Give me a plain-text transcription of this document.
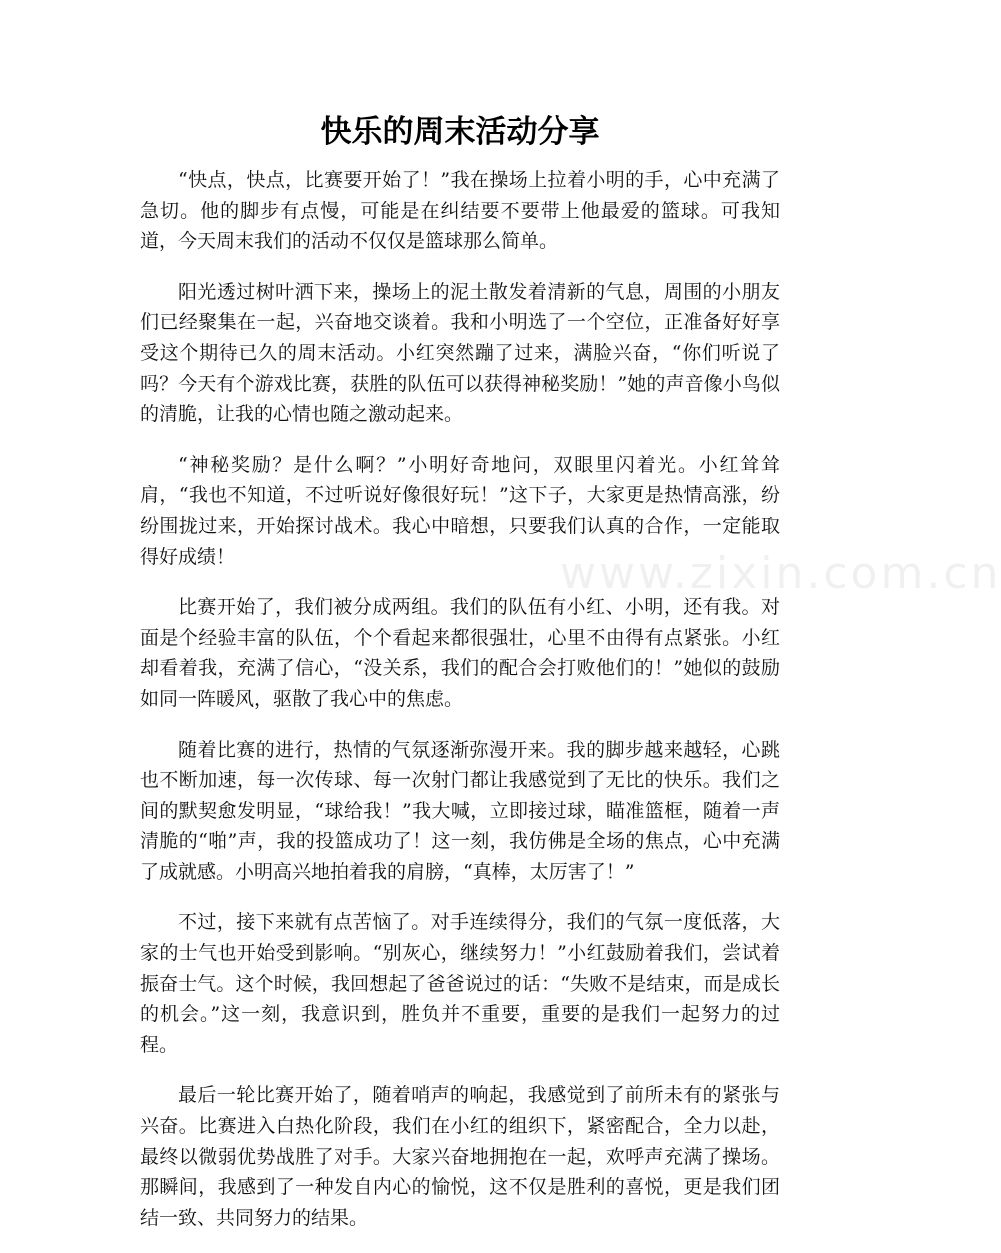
快乐的周末活动分享

“快点，快点，比赛要开始了！”我在操场上拉着小明的手，心中充满了急切。他的脚步有点慢，可能是在纠结要不要带上他最爱的篮球。可我知道，今天周末我们的活动不仅仅是篮球那么简单。

阳光透过树叶洒下来，操场上的泥土散发着清新的气息，周围的小朋友们已经聚集在一起，兴奋地交谈着。我和小明选了一个空位，正准备好好享受这个期待已久的周末活动。小红突然蹦了过来，满脸兴奋，“你们听说了吗？今天有个游戏比赛，获胜的队伍可以获得神秘奖励！”她的声音像小鸟似的清脆，让我的心情也随之激动起来。

“神秘奖励？是什么啊？”小明好奇地问，双眼里闪着光。小红耸耸肩，“我也不知道，不过听说好像很好玩！”这下子，大家更是热情高涨，纷纷围拢过来，开始探讨战术。我心中暗想，只要我们认真的合作，一定能取得好成绩！

比赛开始了，我们被分成两组。我们的队伍有小红、小明，还有我。对面是个经验丰富的队伍，个个看起来都很强壮，心里不由得有点紧张。小红却看着我，充满了信心，“没关系，我们的配合会打败他们的！”她似的鼓励如同一阵暖风，驱散了我心中的焦虑。

随着比赛的进行，热情的气氛逐渐弥漫开来。我的脚步越来越轻，心跳也不断加速，每一次传球、每一次射门都让我感觉到了无比的快乐。我们之间的默契愈发明显，“球给我！”我大喊，立即接过球，瞄准篮框，随着一声清脆的“啪”声，我的投篮成功了！这一刻，我仿佛是全场的焦点，心中充满了成就感。小明高兴地拍着我的肩膀，“真棒，太厉害了！”

不过，接下来就有点苦恼了。对手连续得分，我们的气氛一度低落，大家的士气也开始受到影响。“别灰心，继续努力！”小红鼓励着我们，尝试着振奋士气。这个时候，我回想起了爸爸说过的话：“失败不是结束，而是成长的机会。”这一刻，我意识到，胜负并不重要，重要的是我们一起努力的过程。

最后一轮比赛开始了，随着哨声的响起，我感觉到了前所未有的紧张与兴奋。比赛进入白热化阶段，我们在小红的组织下，紧密配合，全力以赴，最终以微弱优势战胜了对手。大家兴奋地拥抱在一起，欢呼声充满了操场。那瞬间，我感到了一种发自内心的愉悦，这不仅是胜利的喜悦，更是我们团结一致、共同努力的结果。

www.zixin.com.cn
